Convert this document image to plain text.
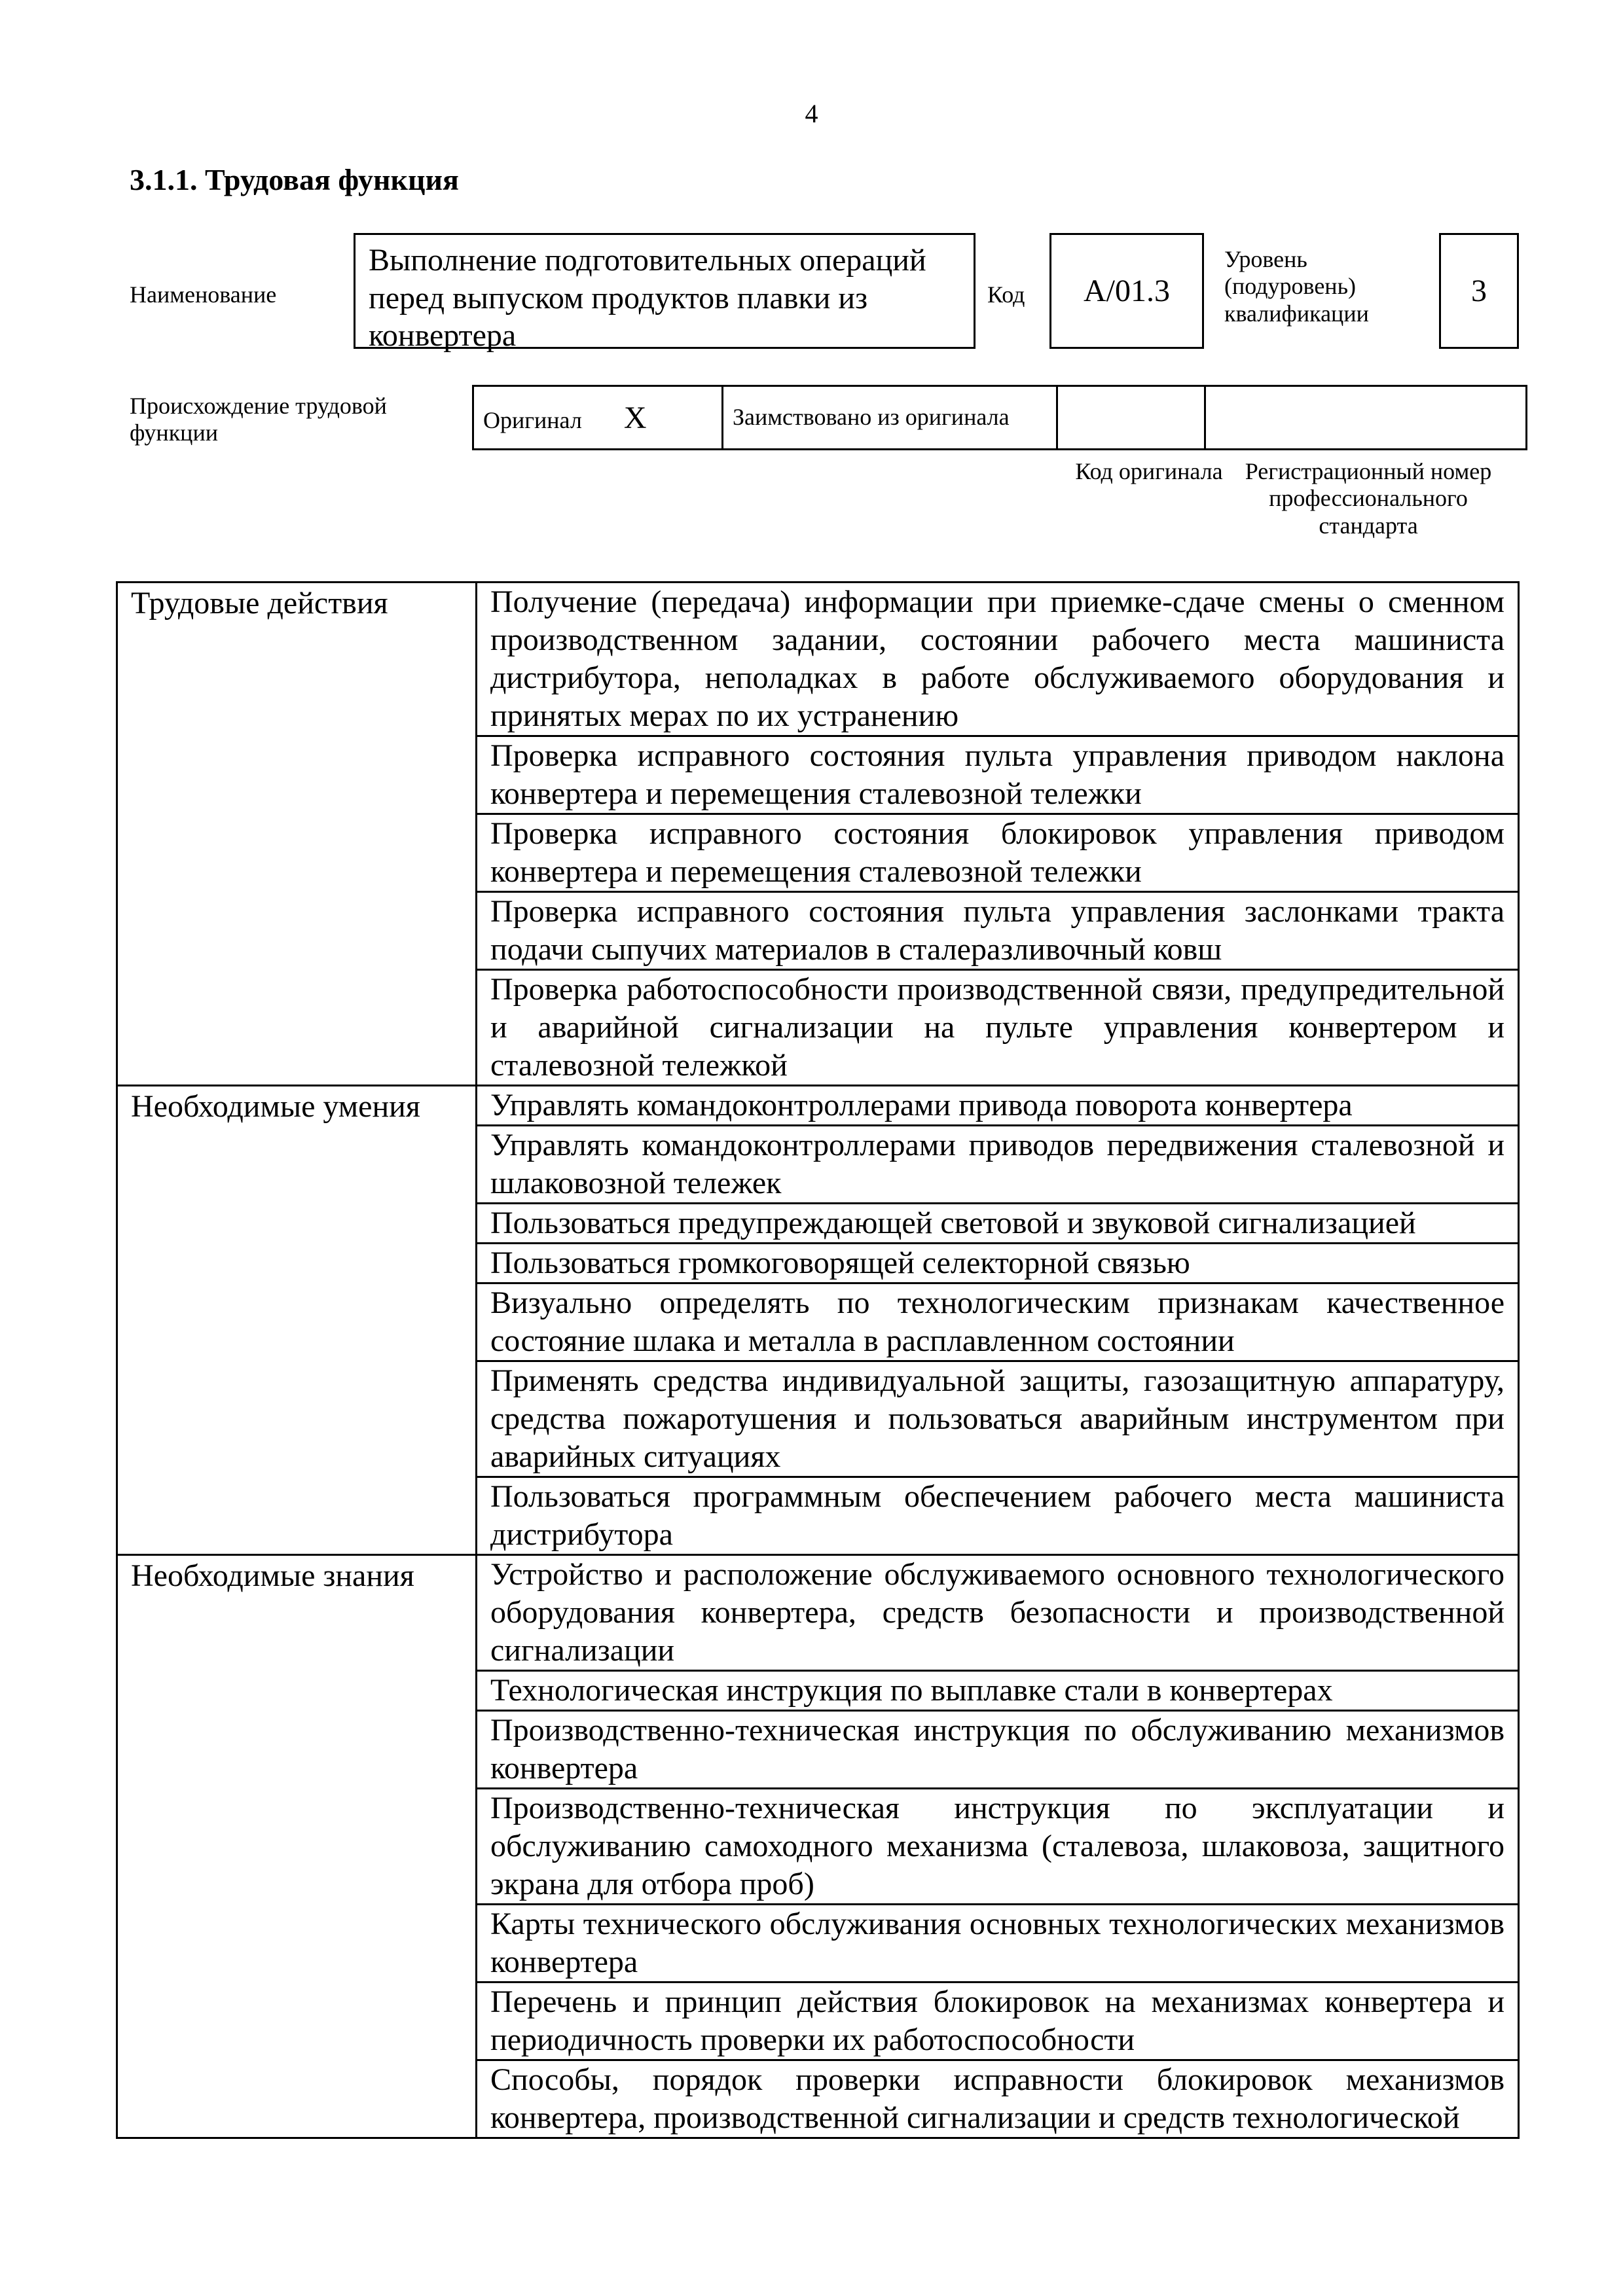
4
3.1.1. Трудовая функция
Наименование
Выполнение подготовительных операций перед выпуском продуктов плавки из конвертера
Код	A/01.3
Уровень (подуровень) квалификации
3
Происхождение трудовой функции	Оригинал X	Заимствовано из оригинала		
Код оригинала Регистрационный номер профессионального стандарта
Трудовые действия	Получение (передача) информации при приемке-сдаче смены о сменном производственном задании, состоянии рабочего места машиниста дистрибутора, неполадках в работе обслуживаемого оборудования и принятых мерах по их устранению
	Проверка исправного состояния пульта управления приводом наклона конвертера и перемещения сталевозной тележки
	Проверка исправного состояния блокировок управления приводом конвертера и перемещения сталевозной тележки
	Проверка исправного состояния пульта управления заслонками тракта подачи сыпучих материалов в сталеразливочный ковш
	Проверка работоспособности производственной связи, предупредительной и аварийной сигнализации на пульте управления конвертером и сталевозной тележкой
Необходимые умения	Управлять командоконтроллерами привода поворота конвертера
	Управлять командоконтроллерами приводов передвижения сталевозной и шлаковозной тележек
	Пользоваться предупреждающей световой и звуковой сигнализацией
	Пользоваться громкоговорящей селекторной связью
	Визуально определять по технологическим признакам качественное состояние шлака и металла в расплавленном состоянии
	Применять средства индивидуальной защиты, газозащитную аппаратуру, средства пожаротушения и пользоваться аварийным инструментом при аварийных ситуациях
	Пользоваться программным обеспечением рабочего места машиниста дистрибутора
Необходимые знания	Устройство и расположение обслуживаемого основного технологического оборудования конвертера, средств безопасности и производственной сигнализации
	Технологическая инструкция по выплавке стали в конвертерах
	Производственно-техническая инструкция по обслуживанию механизмов конвертера
	Производственно-техническая инструкция по эксплуатации и обслуживанию самоходного механизма (сталевоза, шлаковоза, защитного экрана для отбора проб)
	Карты технического обслуживания основных технологических механизмов конвертера
	Перечень и принцип действия блокировок на механизмах конвертера и периодичность проверки их работоспособности
	Способы, порядок проверки исправности блокировок механизмов конвертера, производственной сигнализации и средств технологической
